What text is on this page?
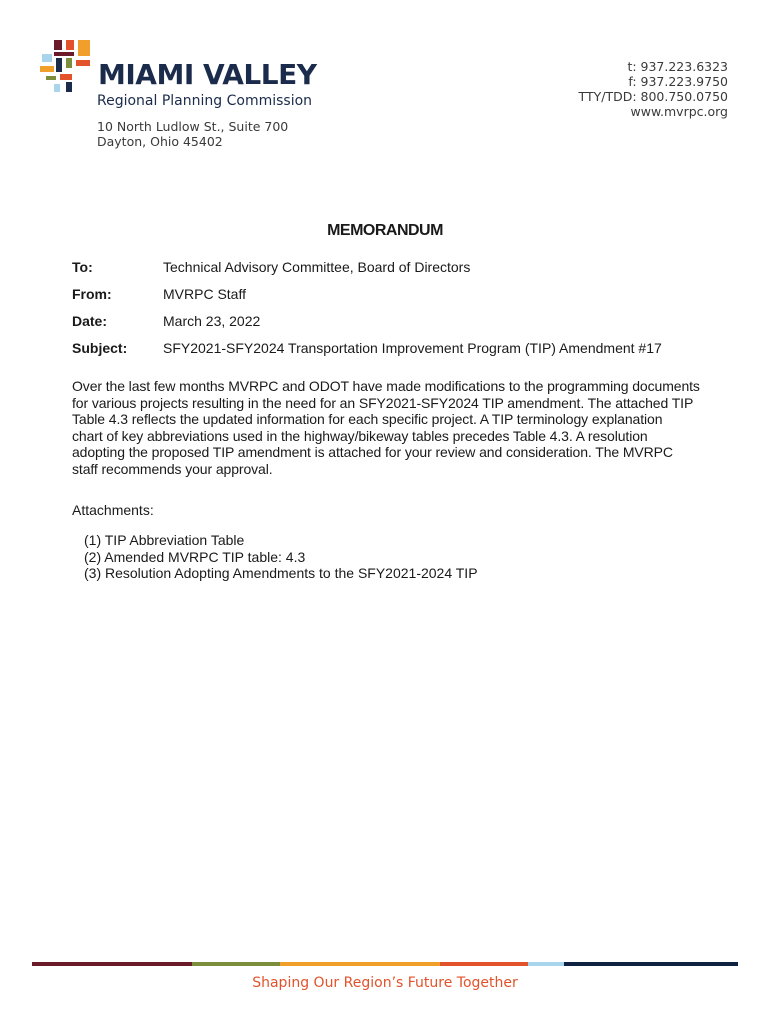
MIAMI VALLEY
Regional Planning Commission
10 North Ludlow St., Suite 700
Dayton, Ohio 45402
t: 937.223.6323
f: 937.223.9750
TTY/TDD: 800.750.0750
www.mvrpc.org
MEMORANDUM
To:	Technical Advisory Committee, Board of Directors
From:	MVRPC Staff
Date:	March 23, 2022
Subject:	SFY2021-SFY2024 Transportation Improvement Program (TIP) Amendment #17
Over the last few months MVRPC and ODOT have made modifications to the programming documents
for various projects resulting in the need for an SFY2021-SFY2024 TIP amendment. The attached TIP
Table 4.3 reflects the updated information for each specific project. A TIP terminology explanation
chart of key abbreviations used in the highway/bikeway tables precedes Table 4.3. A resolution
adopting the proposed TIP amendment is attached for your review and consideration. The MVRPC
staff recommends your approval.
Attachments:
(1) TIP Abbreviation Table
(2) Amended MVRPC TIP table: 4.3
(3) Resolution Adopting Amendments to the SFY2021-2024 TIP
Shaping Our Region’s Future Together
